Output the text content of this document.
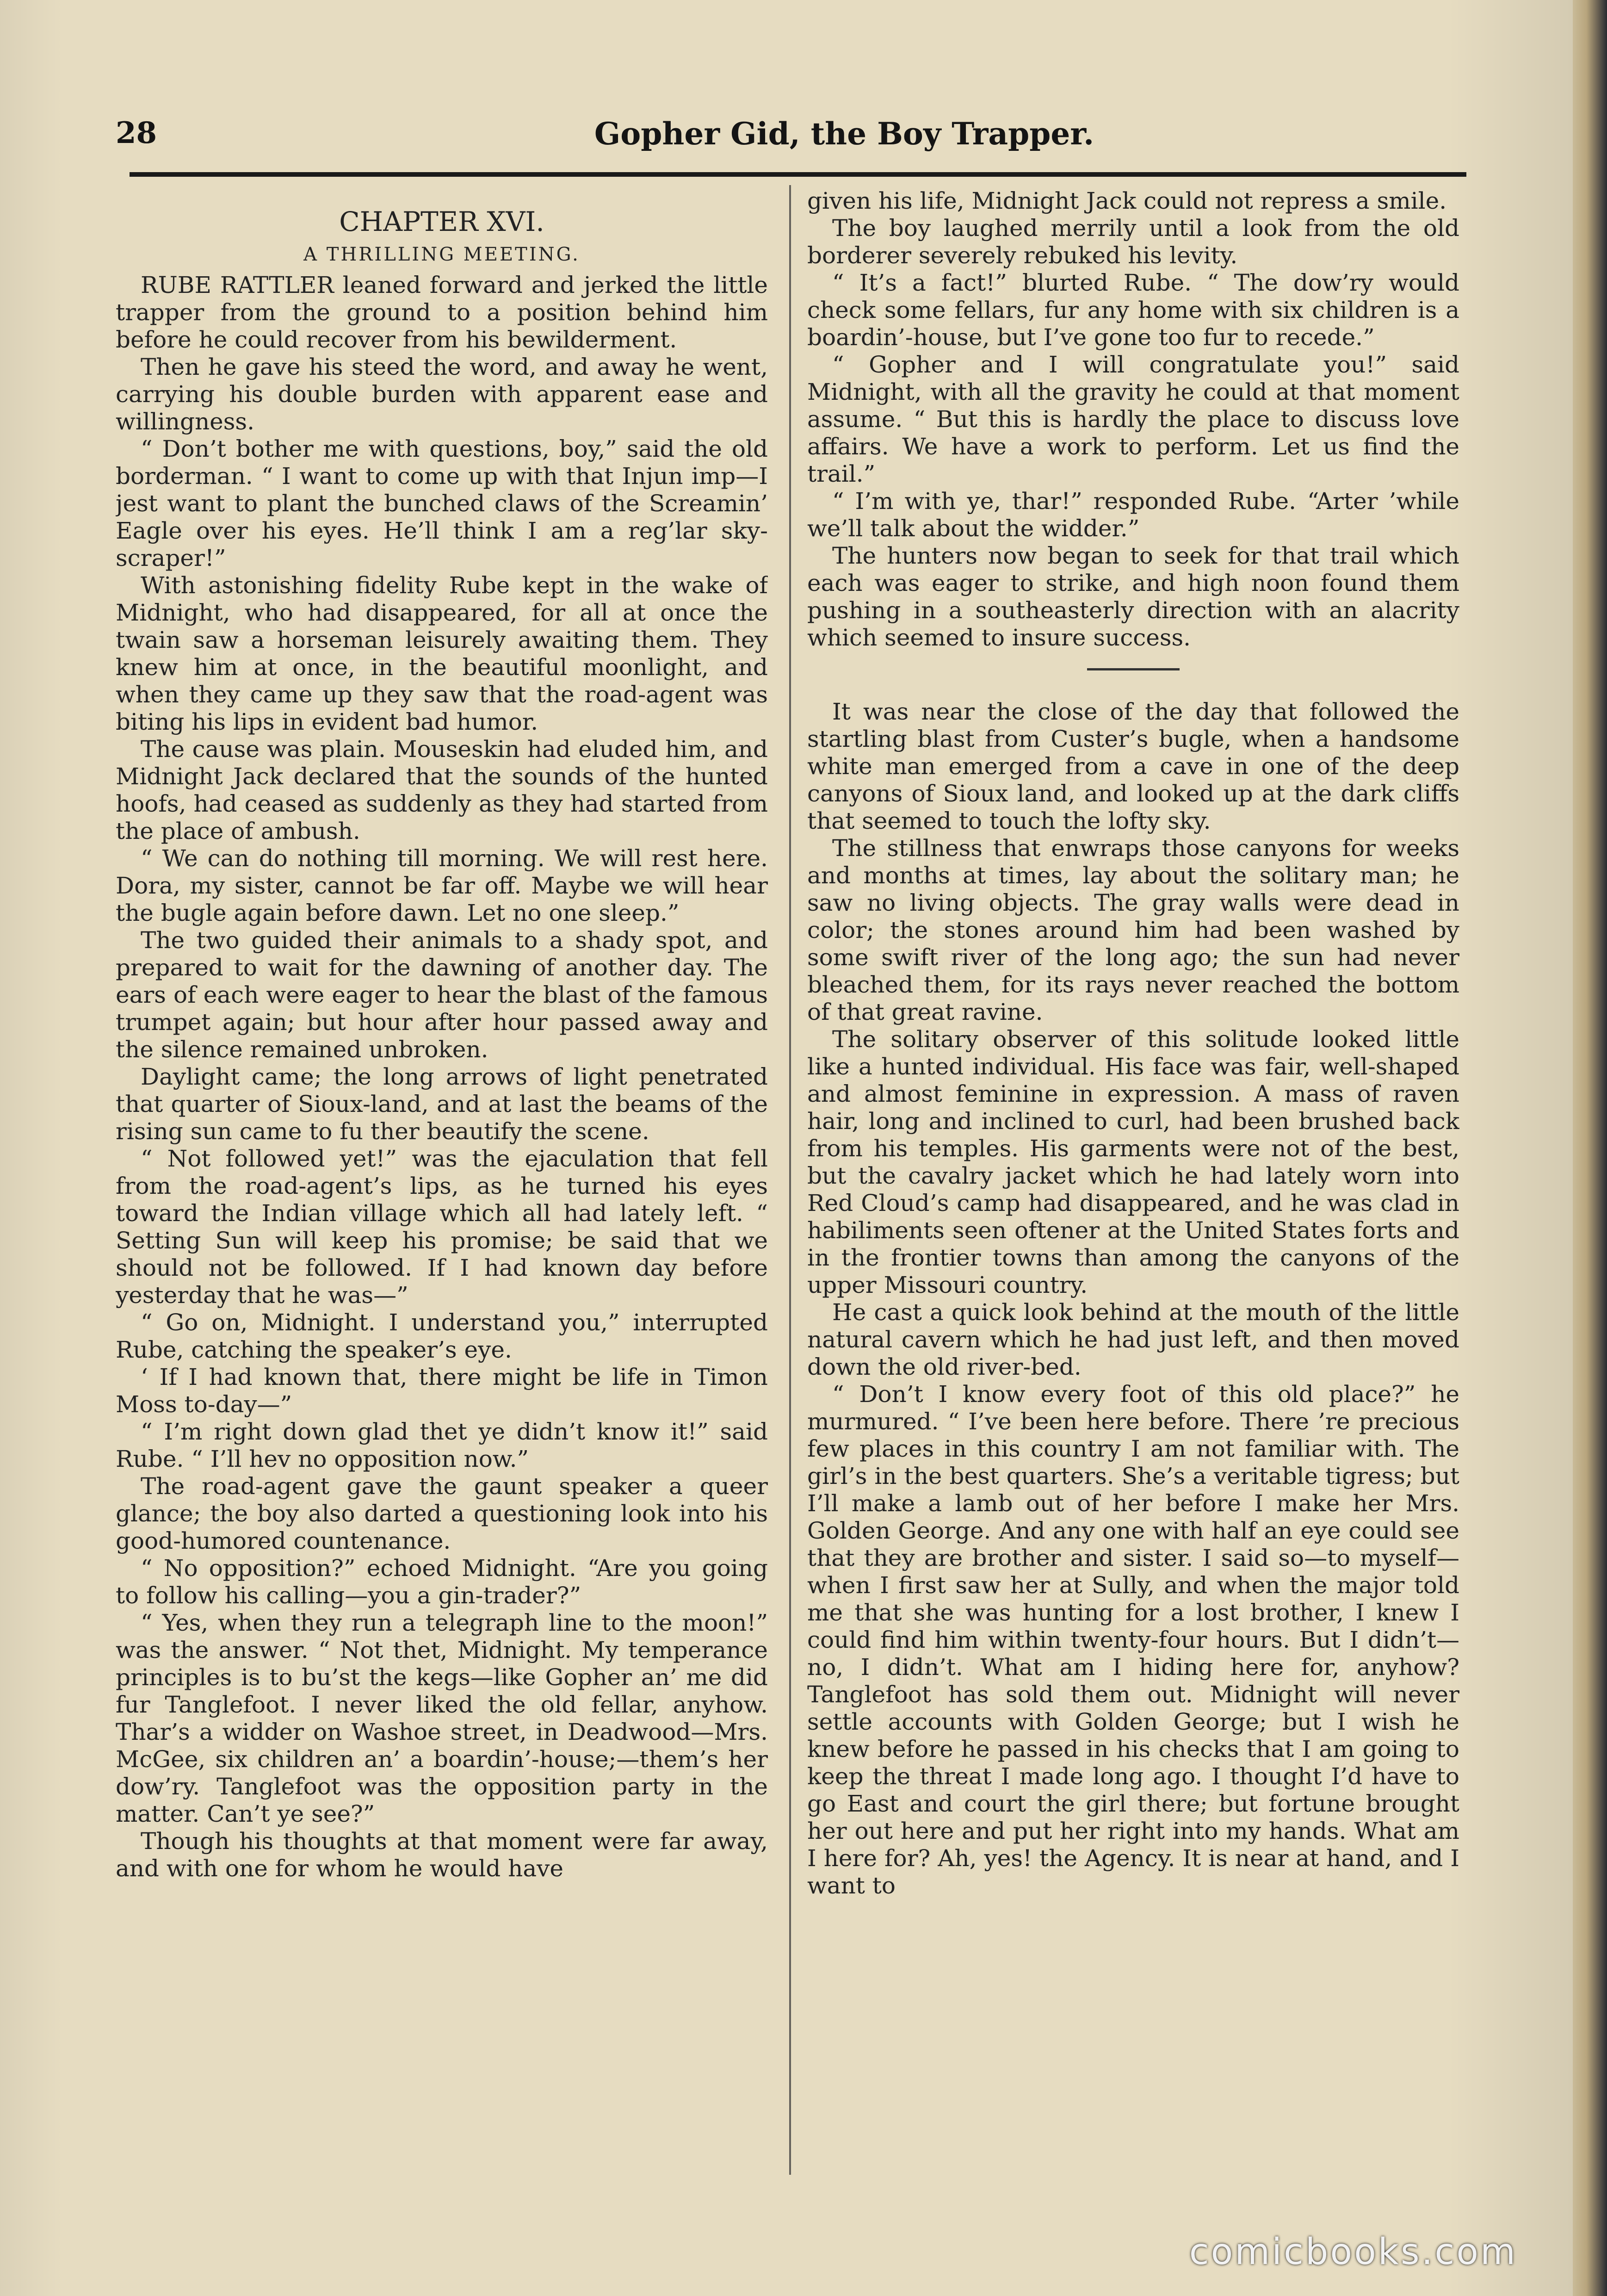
28	Gopher Gid, the Boy Trapper.
CHAPTER XVI.
A THRILLING MEETING.

RUBE RATTLER leaned forward and jerked the little trapper from the ground to a position behind him before he could recover from his bewilderment.

Then he gave his steed the word, and away he went, carrying his double burden with apparent ease and willingness.

“ Don’t bother me with questions, boy,” said the old borderman. “ I want to come up with that Injun imp—I jest want to plant the bunched claws of the Screamin’ Eagle over his eyes. He’ll think I am a reg’lar sky-scraper!”

With astonishing fidelity Rube kept in the wake of Midnight, who had disappeared, for all at once the twain saw a horseman leisurely awaiting them. They knew him at once, in the beautiful moonlight, and when they came up they saw that the road-agent was biting his lips in evident bad humor.

The cause was plain. Mouseskin had eluded him, and Midnight Jack declared that the sounds of the hunted hoofs, had ceased as suddenly as they had started from the place of ambush.

“ We can do nothing till morning. We will rest here. Dora, my sister, cannot be far off. Maybe we will hear the bugle again before dawn. Let no one sleep.”

The two guided their animals to a shady spot, and prepared to wait for the dawning of another day. The ears of each were eager to hear the blast of the famous trumpet again; but hour after hour passed away and the silence remained unbroken.

Daylight came; the long arrows of light penetrated that quarter of Sioux-land, and at last the beams of the rising sun came to fu ther beautify the scene.

“ Not followed yet!” was the ejaculation that fell from the road-agent’s lips, as he turned his eyes toward the Indian village which all had lately left. “ Setting Sun will keep his promise; be said that we should not be followed. If I had known day before yesterday that he was—”

“ Go on, Midnight. I understand you,” interrupted Rube, catching the speaker’s eye.

‘ If I had known that, there might be life in Timon Moss to-day—”

“ I’m right down glad thet ye didn’t know it!” said Rube. “ I’ll hev no opposition now.”

The road-agent gave the gaunt speaker a queer glance; the boy also darted a questioning look into his good-humored countenance.

“ No opposition?” echoed Midnight. “Are you going to follow his calling—you a gin-trader?”

“ Yes, when they run a telegraph line to the moon!” was the answer. “ Not thet, Midnight. My temperance principles is to bu’st the kegs—like Gopher an’ me did fur Tanglefoot. I never liked the old fellar, anyhow. Thar’s a widder on Washoe street, in Deadwood—Mrs. McGee, six children an’ a boardin’-house;—them’s her dow’ry. Tanglefoot was the opposition party in the matter. Can’t ye see?”

Though his thoughts at that moment were far away, and with one for whom he would have

given his life, Midnight Jack could not repress a smile.

The boy laughed merrily until a look from the old borderer severely rebuked his levity.

“ It’s a fact!” blurted Rube. “ The dow’ry would check some fellars, fur any home with six children is a boardin’-house, but I’ve gone too fur to recede.”

“ Gopher and I will congratulate you!” said Midnight, with all the gravity he could at that moment assume. “ But this is hardly the place to discuss love affairs. We have a work to perform. Let us find the trail.”

“ I’m with ye, thar!” responded Rube. “Arter ’while we’ll talk about the widder.”

The hunters now began to seek for that trail which each was eager to strike, and high noon found them pushing in a southeasterly direction with an alacrity which seemed to insure success.

It was near the close of the day that followed the startling blast from Custer’s bugle, when a handsome white man emerged from a cave in one of the deep canyons of Sioux land, and looked up at the dark cliffs that seemed to touch the lofty sky.

The stillness that enwraps those canyons for weeks and months at times, lay about the solitary man; he saw no living objects. The gray walls were dead in color; the stones around him had been washed by some swift river of the long ago; the sun had never bleached them, for its rays never reached the bottom of that great ravine.

The solitary observer of this solitude looked little like a hunted individual. His face was fair, well-shaped and almost feminine in expression. A mass of raven hair, long and inclined to curl, had been brushed back from his temples. His garments were not of the best, but the cavalry jacket which he had lately worn into Red Cloud’s camp had disappeared, and he was clad in habiliments seen oftener at the United States forts and in the frontier towns than among the canyons of the upper Missouri country.

He cast a quick look behind at the mouth of the little natural cavern which he had just left, and then moved down the old river-bed.

“ Don’t I know every foot of this old place?” he murmured. “ I’ve been here before. There ’re precious few places in this country I am not familiar with. The girl’s in the best quarters. She’s a veritable tigress; but I’ll make a lamb out of her before I make her Mrs. Golden George. And any one with half an eye could see that they are brother and sister. I said so—to myself—when I first saw her at Sully, and when the major told me that she was hunting for a lost brother, I knew I could find him within twenty-four hours. But I didn’t—no, I didn’t. What am I hiding here for, anyhow? Tanglefoot has sold them out. Midnight will never settle accounts with Golden George; but I wish he knew before he passed in his checks that I am going to keep the threat I made long ago. I thought I’d have to go East and court the girl there; but fortune brought her out here and put her right into my hands. What am I here for? Ah, yes! the Agency. It is near at hand, and I want to

comicbooks.com
